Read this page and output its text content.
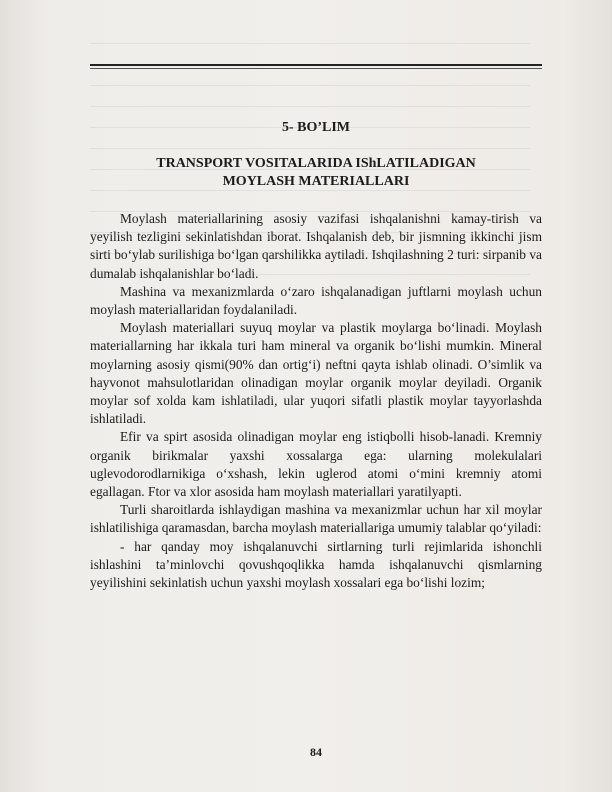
5- BO’LIM
TRANSPORT VOSITALARIDA IShLATILADIGAN
MOYLASH MATERIALLARI

Moylash materiallarining asosiy vazifasi ishqalanishni kamay-tirish va yeyilish tezligini sekinlatishdan iborat. Ishqalanish deb, bir jismning ikkinchi jism sirti bo‘ylab surilishiga bo‘lgan qarshilikka aytiladi. Ishqilashning 2 turi: sirpanib va dumalab ishqalanishlar bo‘ladi.

Mashina va mexanizmlarda o‘zaro ishqalanadigan juftlarni moylash uchun moylash materiallaridan foydalaniladi.

Moylash materiallari suyuq moylar va plastik moylarga bo‘linadi. Moylash materiallarning har ikkala turi ham mineral va organik bo‘lishi mumkin. Mineral moylarning asosiy qismi(90% dan ortig‘i) neftni qayta ishlab olinadi. O’simlik va hayvonot mahsulotlaridan olinadigan moylar organik moylar deyiladi. Organik moylar sof xolda kam ishlatiladi, ular yuqori sifatli plastik moylar tayyorlashda ishlatiladi.

Efir va spirt asosida olinadigan moylar eng istiqbolli hisob-lanadi. Kremniy organik birikmalar yaxshi xossalarga ega: ularning molekulalari uglevodorodlarnikiga o‘xshash, lekin uglerod atomi o‘mini kremniy atomi egallagan. Ftor va xlor asosida ham moylash materiallari yaratilyapti.

Turli sharoitlarda ishlaydigan mashina va mexanizmlar uchun har xil moylar ishlatilishiga qaramasdan, barcha moylash materiallariga umumiy talablar qo‘yiladi:

- har qanday moy ishqalanuvchi sirtlarning turli rejimlarida ishonchli ishlashini ta’minlovchi qovushqoqlikka hamda ishqalanuvchi qismlarning yeyilishini sekinlatish uchun yaxshi moylash xossalari ega bo‘lishi lozim;

84
